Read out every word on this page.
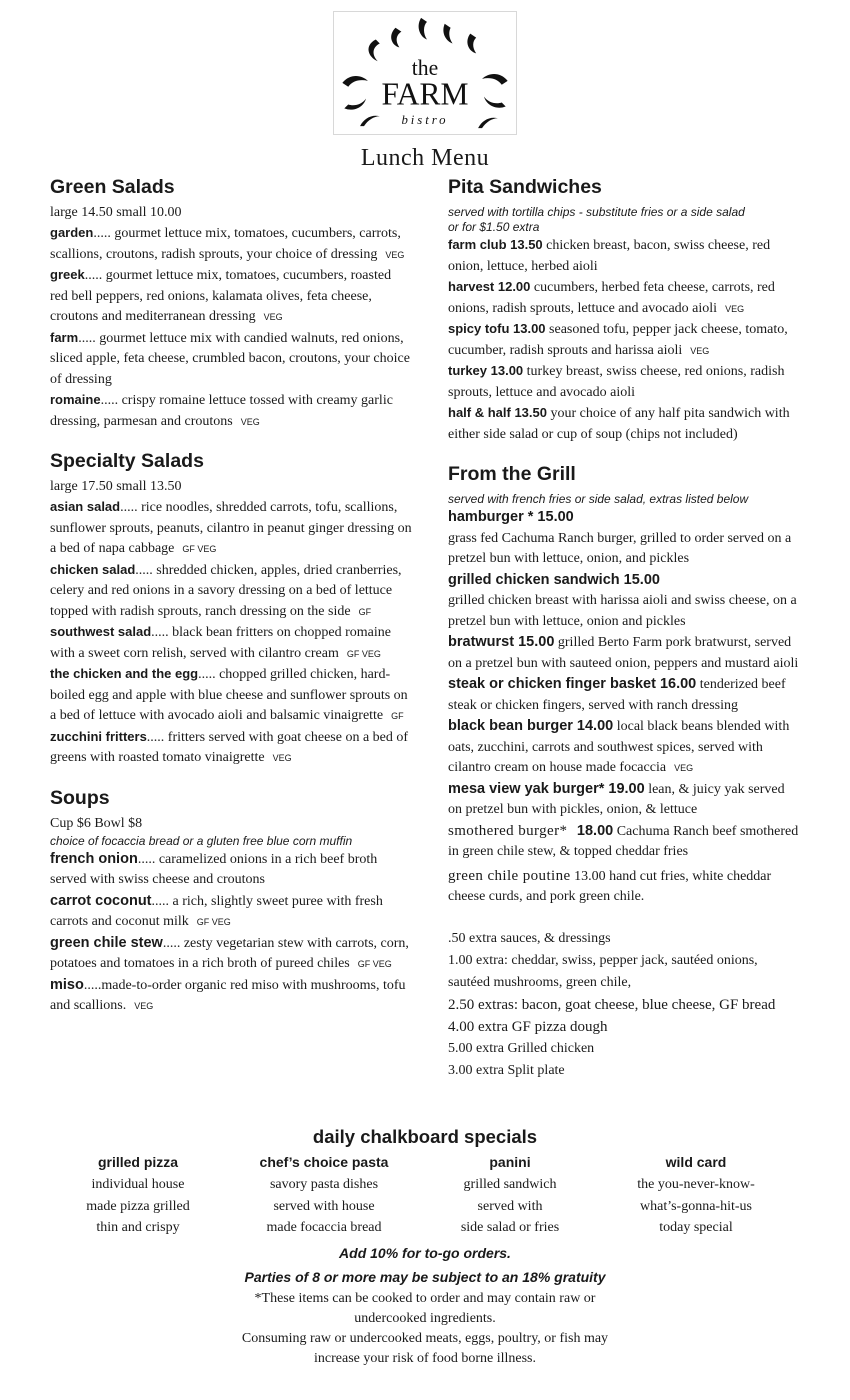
the
FARM
bistro
Lunch Menu
Green Salads
large 14.50 small 10.00
garden..... gourmet lettuce mix, tomatoes, cucumbers, carrots, scallions, croutons, radish sprouts, your choice of dressing VEG
greek..... gourmet lettuce mix, tomatoes, cucumbers, roasted red bell peppers, red onions, kalamata olives, feta cheese, croutons and mediterranean dressing VEG
farm..... gourmet lettuce mix with candied walnuts, red onions, sliced apple, feta cheese, crumbled bacon, croutons, your choice of dressing
romaine..... crispy romaine lettuce tossed with creamy garlic dressing, parmesan and croutons VEG
Specialty Salads
large 17.50 small 13.50
asian salad..... rice noodles, shredded carrots, tofu, scallions, sunflower sprouts, peanuts, cilantro in peanut ginger dressing on a bed of napa cabbage GF VEG
chicken salad..... shredded chicken, apples, dried cranberries, celery and red onions in a savory dressing on a bed of lettuce topped with radish sprouts, ranch dressing on the side GF
southwest salad..... black bean fritters on chopped romaine with a sweet corn relish, served with cilantro cream GF VEG
the chicken and the egg..... chopped grilled chicken, hard-boiled egg and apple with blue cheese and sunflower sprouts on a bed of lettuce with avocado aioli and balsamic vinaigrette GF
zucchini fritters..... fritters served with goat cheese on a bed of greens with roasted tomato vinaigrette VEG
Soups
Cup $6 Bowl $8
choice of focaccia bread or a gluten free blue corn muffin
french onion..... caramelized onions in a rich beef broth served with swiss cheese and croutons
carrot coconut..... a rich, slightly sweet puree with fresh carrots and coconut milk GF VEG
green chile stew..... zesty vegetarian stew with carrots, corn, potatoes and tomatoes in a rich broth of pureed chiles GF VEG
miso.....made-to-order organic red miso with mushrooms, tofu and scallions. VEG
Pita Sandwiches
served with tortilla chips - substitute fries or a side salad
or for $1.50 extra
farm club 13.50 chicken breast, bacon, swiss cheese, red onion, lettuce, herbed aioli
harvest 12.00 cucumbers, herbed feta cheese, carrots, red onions, radish sprouts, lettuce and avocado aioli VEG
spicy tofu 13.00 seasoned tofu, pepper jack cheese, tomato, cucumber, radish sprouts and harissa aioli VEG
turkey 13.00 turkey breast, swiss cheese, red onions, radish sprouts, lettuce and avocado aioli
half & half 13.50 your choice of any half pita sandwich with either side salad or cup of soup (chips not included)
From the Grill
served with french fries or side salad, extras listed below
hamburger * 15.00
grass fed Cachuma Ranch burger, grilled to order served on a pretzel bun with lettuce, onion, and pickles
grilled chicken sandwich 15.00
grilled chicken breast with harissa aioli and swiss cheese, on a pretzel bun with lettuce, onion and pickles
bratwurst 15.00 grilled Berto Farm pork bratwurst, served on a pretzel bun with sauteed onion, peppers and mustard aioli
steak or chicken finger basket 16.00 tenderized beef steak or chicken fingers, served with ranch dressing
black bean burger 14.00 local black beans blended with oats, zucchini, carrots and southwest spices, served with cilantro cream on house made focaccia VEG
mesa view yak burger* 19.00 lean, & juicy yak served on pretzel bun with pickles, onion, & lettuce
smothered burger* 18.00 Cachuma Ranch beef smothered in green chile stew, & topped cheddar fries
green chile poutine 13.00 hand cut fries, white cheddar cheese curds, and pork green chile.
.50 extra sauces, & dressings
1.00 extra: cheddar, swiss, pepper jack, sautéed onions, sautéed mushrooms, green chile,
2.50 extras: bacon, goat cheese, blue cheese, GF bread
4.00 extra GF pizza dough
5.00 extra Grilled chicken
3.00 extra Split plate
daily chalkboard specials
grilled pizza
individual house
made pizza grilled
thin and crispy
chef’s choice pasta
savory pasta dishes
served with house
made focaccia bread
panini
grilled sandwich
served with
side salad or fries
wild card
the you-never-know-
what’s-gonna-hit-us
today special
Add 10% for to-go orders.
Parties of 8 or more may be subject to an 18% gratuity
*These items can be cooked to order and may contain raw or
undercooked ingredients.
Consuming raw or undercooked meats, eggs, poultry, or fish may
increase your risk of food borne illness.
